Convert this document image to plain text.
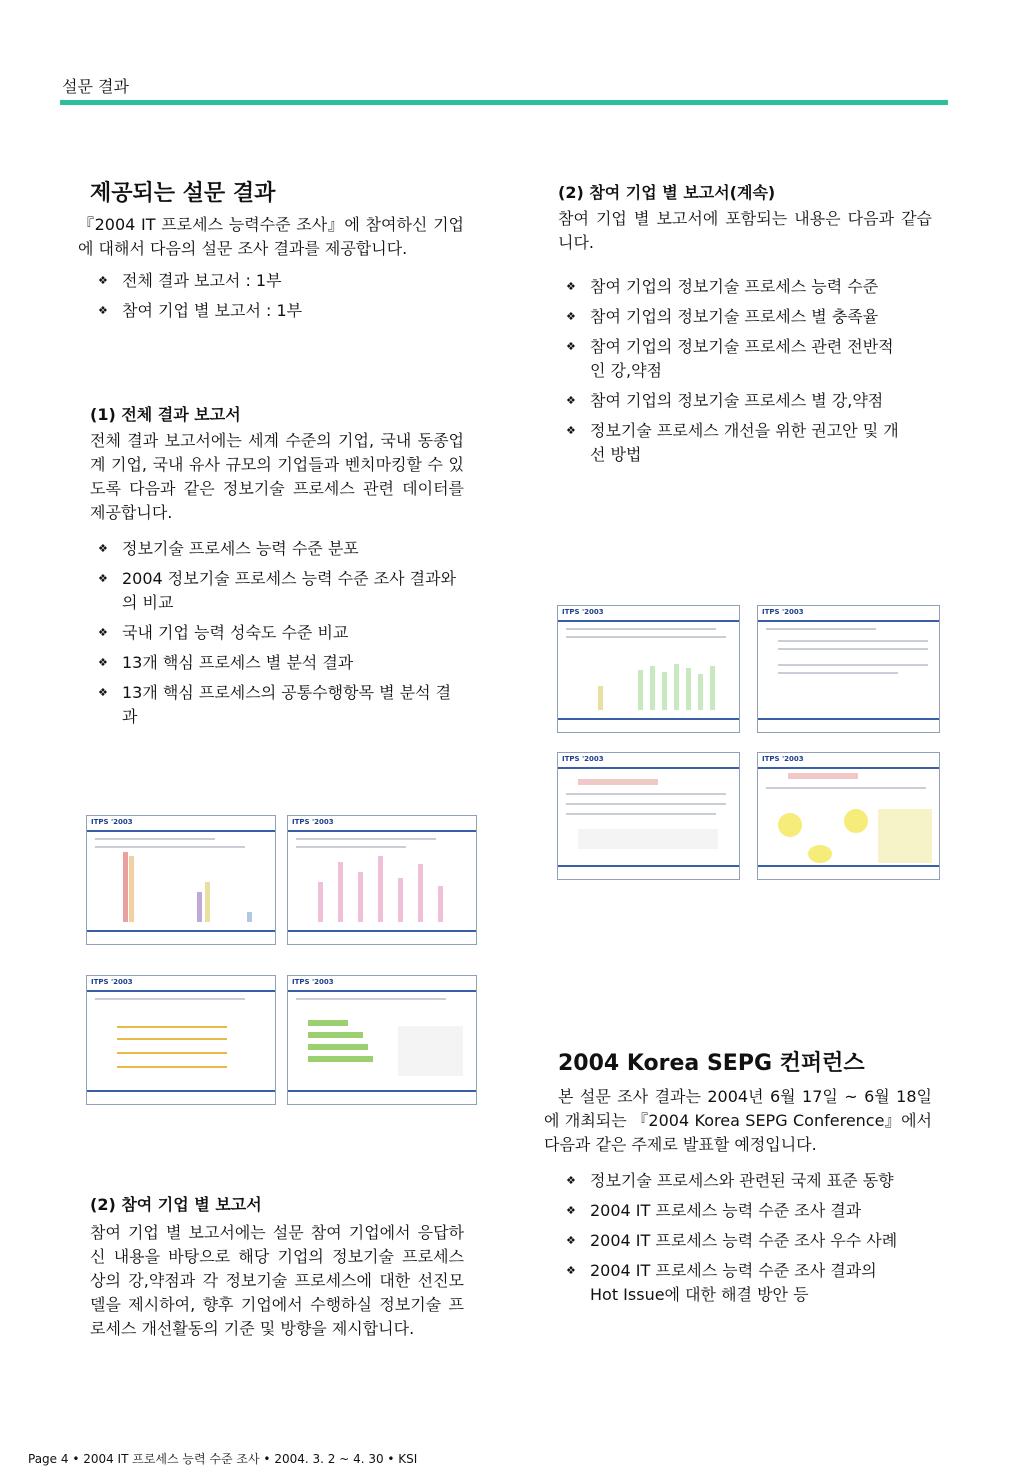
설문 결과
제공되는 설문 결과

『2004 IT 프로세스 능력수준 조사』에 참여하신 기업에 대해서 다음의 설문 조사 결과를 제공합니다.

❖ 전체 결과 보고서 : 1부
❖ 참여 기업 별 보고서 : 1부
(1) 전체 결과 보고서

전체 결과 보고서에는 세계 수준의 기업, 국내 동종업계 기업, 국내 유사 규모의 기업들과 벤치마킹할 수 있도록 다음과 같은 정보기술 프로세스 관련 데이터를 제공합니다.

❖ 정보기술 프로세스 능력 수준 분포
❖ 2004 정보기술 프로세스 능력 수준 조사 결과와의 비교
❖ 국내 기업 능력 성숙도 수준 비교
❖ 13개 핵심 프로세스 별 분석 결과
❖ 13개 핵심 프로세스의 공통수행항목 별 분석 결과
ITPS '2003	ITPS '2003
ITPS '2003	ITPS '2003
(2) 참여 기업 별 보고서

참여 기업 별 보고서에는 설문 참여 기업에서 응답하신 내용을 바탕으로 해당 기업의 정보기술 프로세스 상의 강,약점과 각 정보기술 프로세스에 대한 선진모델을 제시하여, 향후 기업에서 수행하실 정보기술 프로세스 개선활동의 기준 및 방향을 제시합니다.

(2) 참여 기업 별 보고서(계속)

참여 기업 별 보고서에 포함되는 내용은 다음과 같습니다.

❖ 참여 기업의 정보기술 프로세스 능력 수준
❖ 참여 기업의 정보기술 프로세스 별 충족율
❖ 참여 기업의 정보기술 프로세스 관련 전반적인 강,약점
❖ 참여 기업의 정보기술 프로세스 별 강,약점
❖ 정보기술 프로세스 개선을 위한 권고안 및 개선 방법
ITPS '2003	ITPS '2003
ITPS '2003	ITPS '2003
2004 Korea SEPG 컨퍼런스

본 설문 조사 결과는 2004년 6월 17일 ~ 6월 18일에 개최되는 『2004 Korea SEPG Conference』에서 다음과 같은 주제로 발표할 예정입니다.

❖ 정보기술 프로세스와 관련된 국제 표준 동향
❖ 2004 IT 프로세스 능력 수준 조사 결과
❖ 2004 IT 프로세스 능력 수준 조사 우수 사례
❖ 2004 IT 프로세스 능력 수준 조사 결과의 Hot Issue에 대한 해결 방안 등
Page 4 • 2004 IT 프로세스 능력 수준 조사 • 2004. 3. 2 ~ 4. 30 • KSI
